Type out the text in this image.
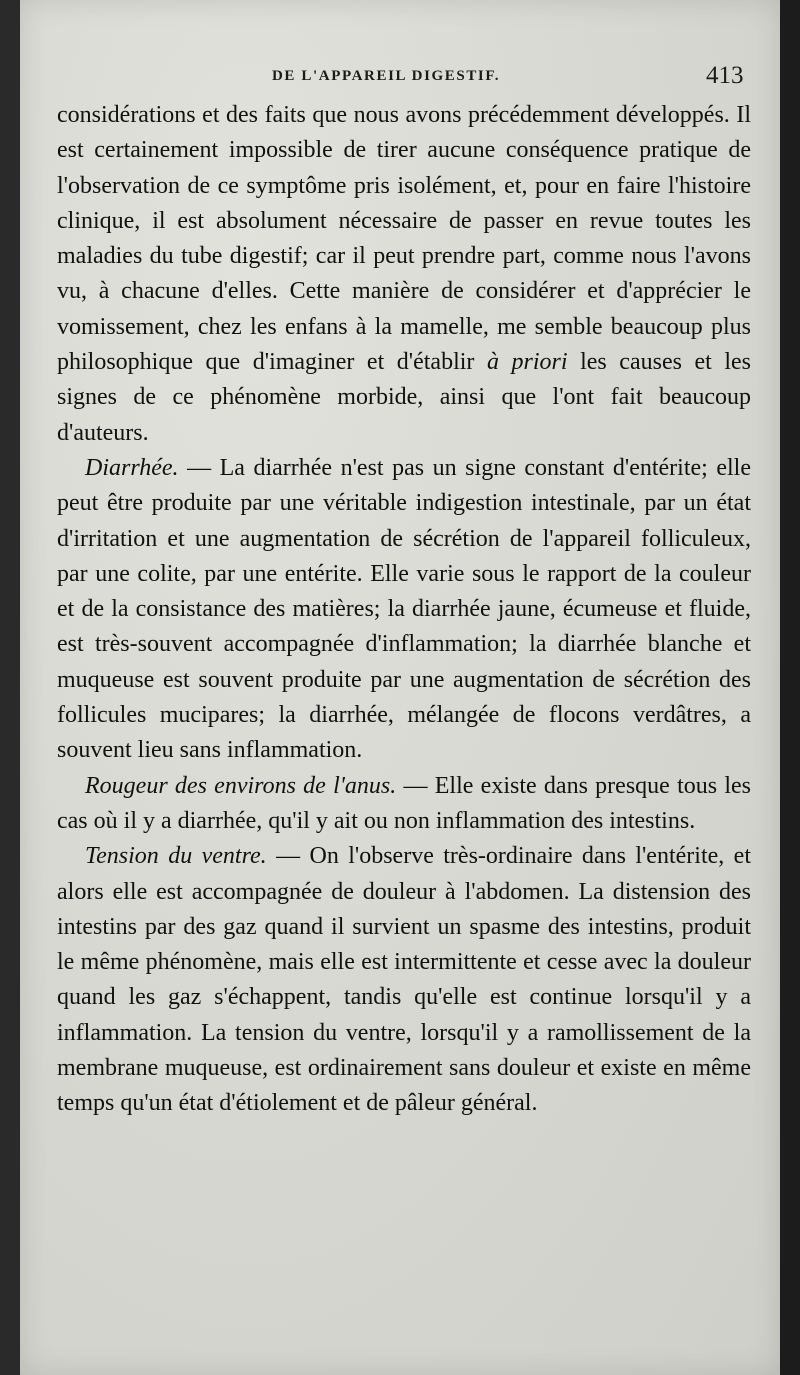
DE L'APPAREIL DIGESTIF.	413

considérations et des faits que nous avons précédemment développés. Il est certainement impossible de tirer aucune conséquence pratique de l'observation de ce symptôme pris isolément, et, pour en faire l'histoire clinique, il est absolument nécessaire de passer en revue toutes les maladies du tube digestif; car il peut prendre part, comme nous l'avons vu, à chacune d'elles. Cette manière de considérer et d'apprécier le vomissement, chez les enfans à la mamelle, me semble beaucoup plus philosophique que d'imaginer et d'établir à priori les causes et les signes de ce phénomène morbide, ainsi que l'ont fait beaucoup d'auteurs.

Diarrhée. — La diarrhée n'est pas un signe constant d'entérite; elle peut être produite par une véritable indigestion intestinale, par un état d'irritation et une augmentation de sécrétion de l'appareil folliculeux, par une colite, par une entérite. Elle varie sous le rapport de la couleur et de la consistance des matières; la diarrhée jaune, écumeuse et fluide, est très-souvent accompagnée d'inflammation; la diarrhée blanche et muqueuse est souvent produite par une augmentation de sécrétion des follicules mucipares; la diarrhée, mélangée de flocons verdâtres, a souvent lieu sans inflammation.

Rougeur des environs de l'anus. — Elle existe dans presque tous les cas où il y a diarrhée, qu'il y ait ou non inflammation des intestins.

Tension du ventre. — On l'observe très-ordinaire dans l'entérite, et alors elle est accompagnée de douleur à l'abdomen. La distension des intestins par des gaz quand il survient un spasme des intestins, produit le même phénomène, mais elle est intermittente et cesse avec la douleur quand les gaz s'échappent, tandis qu'elle est continue lorsqu'il y a inflammation. La tension du ventre, lorsqu'il y a ramollissement de la membrane muqueuse, est ordinairement sans douleur et existe en même temps qu'un état d'étiolement et de pâleur général.
